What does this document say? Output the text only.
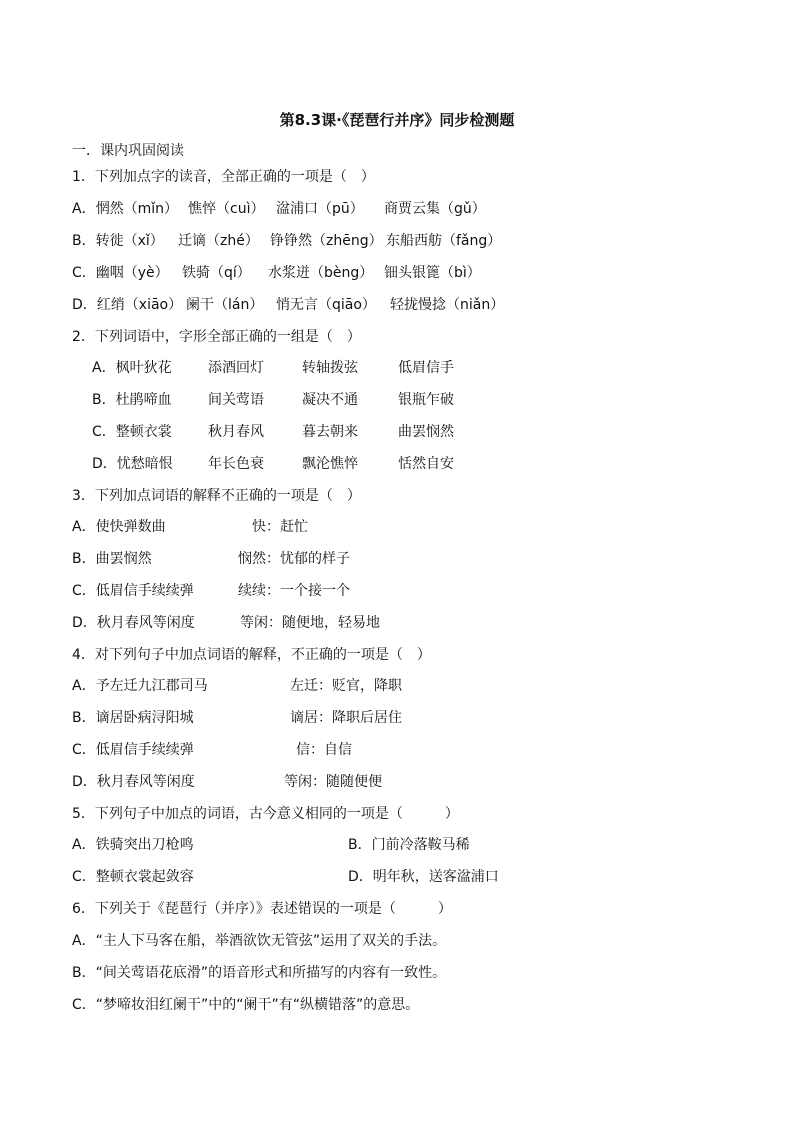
第8.3课·《琵琶行并序》同步检测题
一．课内巩固阅读
1．下列加点字的读音，全部正确的一项是（　）
A．惘然（mǐn） 憔悴（cuì） 湓浦口（pū） 商贾云集（gǔ）
B．转徙（xǐ） 迁谪（zhé） 铮铮然（zhēng） 东船西舫（fǎng）
C．幽咽（yè） 铁骑（qí） 水浆迸（bèng） 钿头银篦（bì）
D．红绡（xiāo） 阑干（lán） 悄无言（qiāo） 轻拢慢捻（niǎn）
2．下列词语中，字形全部正确的一组是（　）
A．枫叶狄花	添酒回灯	转轴拨弦	低眉信手
B．杜鹃啼血	间关莺语	凝决不通	银瓶乍破
C．整顿衣裳	秋月春风	暮去朝来	曲罢悯然
D．忧愁暗恨	年长色衰	飘沦憔悴	恬然自安
3．下列加点词语的解释不正确的一项是（　）
A．使快弹数曲	快：赶忙
B．曲罢悯然	悯然：忧郁的样子
C．低眉信手续续弹	续续：一个接一个
D．秋月春风等闲度	等闲：随便地，轻易地
4．对下列句子中加点词语的解释，不正确的一项是（　）
A．予左迁九江郡司马	左迁：贬官，降职
B．谪居卧病浔阳城	谪居：降职后居住
C．低眉信手续续弹	信：自信
D．秋月春风等闲度	等闲：随随便便
5．下列句子中加点的词语，古今意义相同的一项是（　　　）
A．铁骑突出刀枪鸣	B．门前冷落鞍马稀
C．整顿衣裳起敛容	D．明年秋，送客湓浦口
6．下列关于《琵琶行（并序）》表述错误的一项是（　　　）
A．“主人下马客在船，举酒欲饮无管弦”运用了双关的手法。
B．“间关莺语花底滑”的语音形式和所描写的内容有一致性。
C．“梦啼妆泪红阑干”中的“阑干”有“纵横错落”的意思。
